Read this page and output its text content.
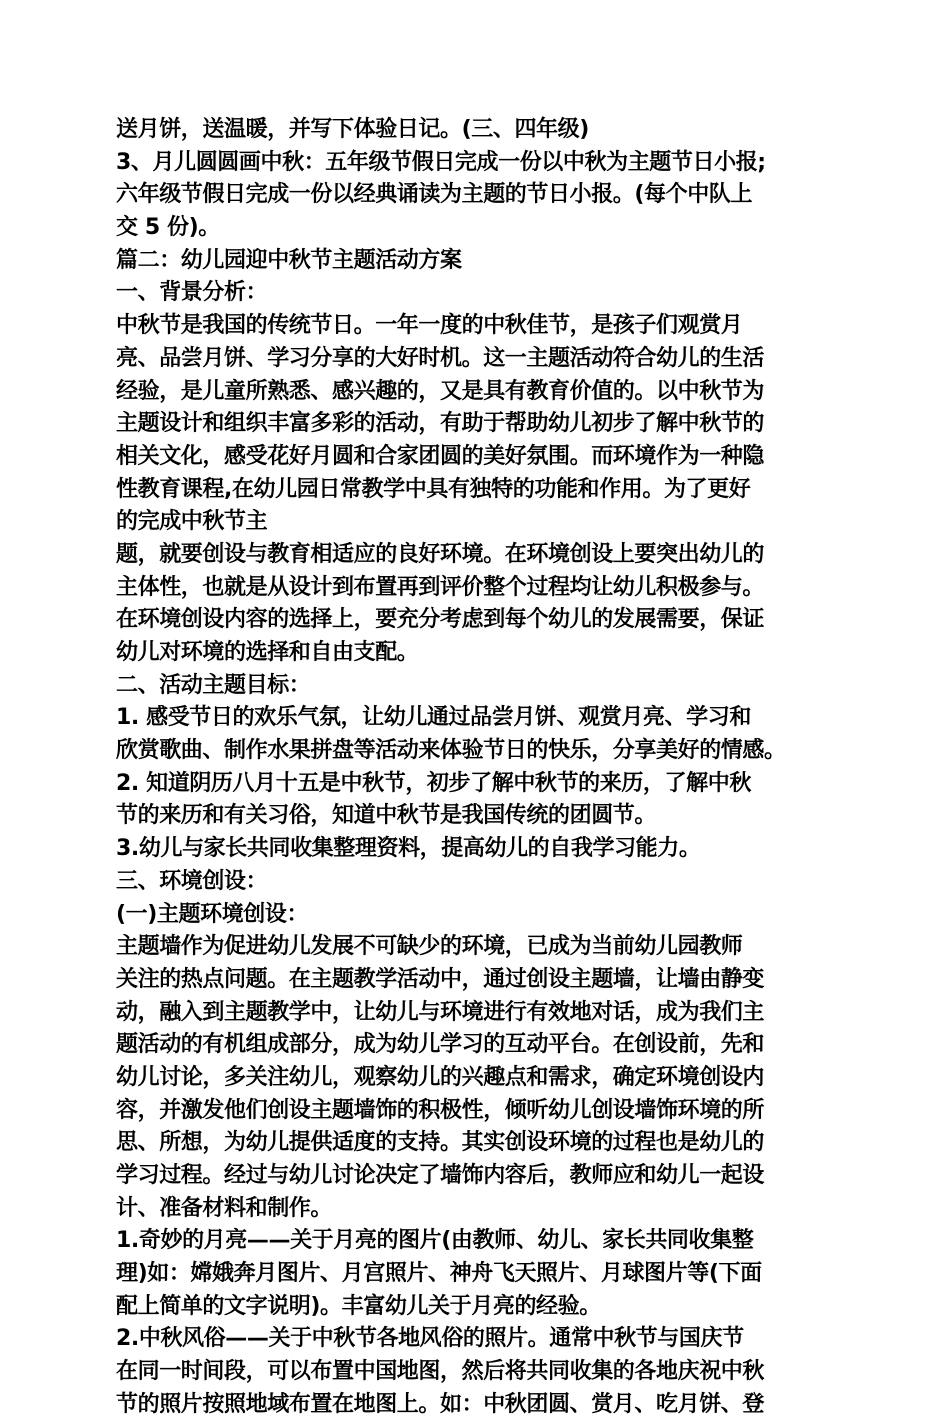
送月饼，送温暖，并写下体验日记。(三、四年级)
3、月儿圆圆画中秋：五年级节假日完成一份以中秋为主题节日小报;
六年级节假日完成一份以经典诵读为主题的节日小报。(每个中队上
交 5 份)。
篇二：幼儿园迎中秋节主题活动方案
一、背景分析：
中秋节是我国的传统节日。一年一度的中秋佳节，是孩子们观赏月
亮、品尝月饼、学习分享的大好时机。这一主题活动符合幼儿的生活
经验，是儿童所熟悉、感兴趣的，又是具有教育价值的。以中秋节为
主题设计和组织丰富多彩的活动，有助于帮助幼儿初步了解中秋节的
相关文化，感受花好月圆和合家团圆的美好氛围。而环境作为一种隐
性教育课程,在幼儿园日常教学中具有独特的功能和作用。为了更好
的完成中秋节主
题，就要创设与教育相适应的良好环境。在环境创设上要突出幼儿的
主体性，也就是从设计到布置再到评价整个过程均让幼儿积极参与。
在环境创设内容的选择上，要充分考虑到每个幼儿的发展需要，保证
幼儿对环境的选择和自由支配。
二、活动主题目标：
1. 感受节日的欢乐气氛，让幼儿通过品尝月饼、观赏月亮、学习和
欣赏歌曲、制作水果拼盘等活动来体验节日的快乐，分享美好的情感。
2. 知道阴历八月十五是中秋节，初步了解中秋节的来历，了解中秋
节的来历和有关习俗，知道中秋节是我国传统的团圆节。
3.幼儿与家长共同收集整理资料，提高幼儿的自我学习能力。
三、环境创设：
(一)主题环境创设：
主题墙作为促进幼儿发展不可缺少的环境，已成为当前幼儿园教师
关注的热点问题。在主题教学活动中，通过创设主题墙，让墙由静变
动，融入到主题教学中，让幼儿与环境进行有效地对话，成为我们主
题活动的有机组成部分，成为幼儿学习的互动平台。在创设前，先和
幼儿讨论，多关注幼儿，观察幼儿的兴趣点和需求，确定环境创设内
容，并激发他们创设主题墙饰的积极性，倾听幼儿创设墙饰环境的所
思、所想，为幼儿提供适度的支持。其实创设环境的过程也是幼儿的
学习过程。经过与幼儿讨论决定了墙饰内容后，教师应和幼儿一起设
计、准备材料和制作。
1.奇妙的月亮——关于月亮的图片(由教师、幼儿、家长共同收集整
理)如：嫦娥奔月图片、月宫照片、神舟飞天照片、月球图片等(下面
配上简单的文字说明)。丰富幼儿关于月亮的经验。
2.中秋风俗——关于中秋节各地风俗的照片。通常中秋节与国庆节
在同一时间段，可以布置中国地图，然后将共同收集的各地庆祝中秋
节的照片按照地域布置在地图上。如：中秋团圆、赏月、吃月饼、登
